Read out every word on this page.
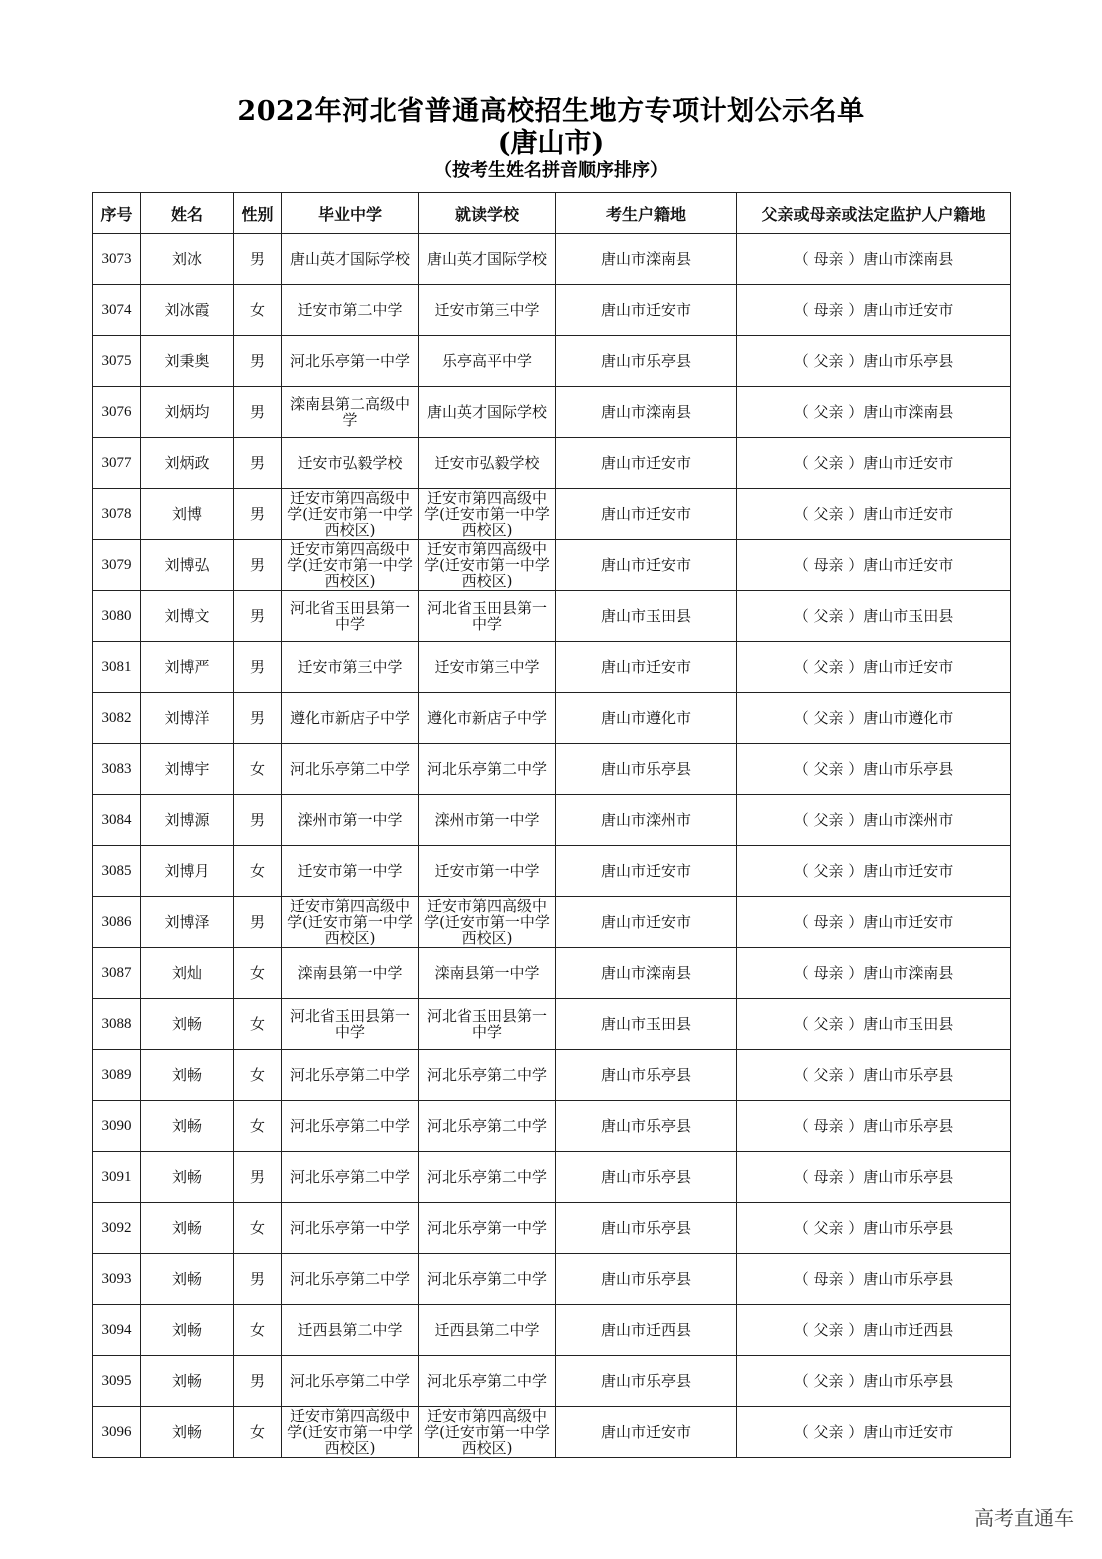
2022年河北省普通高校招生地方专项计划公示名单
(唐山市)
（按考生姓名拼音顺序排序）
序号	姓名	性别	毕业中学	就读学校	考生户籍地	父亲或母亲或法定监护人户籍地
3073	刘冰	男	唐山英才国际学校	唐山英才国际学校	唐山市滦南县	（ 母亲 ）唐山市滦南县
3074	刘冰霞	女	迁安市第二中学	迁安市第三中学	唐山市迁安市	（ 母亲 ）唐山市迁安市
3075	刘秉奥	男	河北乐亭第一中学	乐亭高平中学	唐山市乐亭县	（ 父亲 ）唐山市乐亭县
3076	刘炳均	男	滦南县第二高级中学	唐山英才国际学校	唐山市滦南县	（ 父亲 ）唐山市滦南县
3077	刘炳政	男	迁安市弘毅学校	迁安市弘毅学校	唐山市迁安市	（ 父亲 ）唐山市迁安市
3078	刘博	男	迁安市第四高级中学(迁安市第一中学西校区)	迁安市第四高级中学(迁安市第一中学西校区)	唐山市迁安市	（ 父亲 ）唐山市迁安市
3079	刘博弘	男	迁安市第四高级中学(迁安市第一中学西校区)	迁安市第四高级中学(迁安市第一中学西校区)	唐山市迁安市	（ 母亲 ）唐山市迁安市
3080	刘博文	男	河北省玉田县第一中学	河北省玉田县第一中学	唐山市玉田县	（ 父亲 ）唐山市玉田县
3081	刘博严	男	迁安市第三中学	迁安市第三中学	唐山市迁安市	（ 父亲 ）唐山市迁安市
3082	刘博洋	男	遵化市新店子中学	遵化市新店子中学	唐山市遵化市	（ 父亲 ）唐山市遵化市
3083	刘博宇	女	河北乐亭第二中学	河北乐亭第二中学	唐山市乐亭县	（ 父亲 ）唐山市乐亭县
3084	刘博源	男	滦州市第一中学	滦州市第一中学	唐山市滦州市	（ 父亲 ）唐山市滦州市
3085	刘博月	女	迁安市第一中学	迁安市第一中学	唐山市迁安市	（ 父亲 ）唐山市迁安市
3086	刘博泽	男	迁安市第四高级中学(迁安市第一中学西校区)	迁安市第四高级中学(迁安市第一中学西校区)	唐山市迁安市	（ 母亲 ）唐山市迁安市
3087	刘灿	女	滦南县第一中学	滦南县第一中学	唐山市滦南县	（ 母亲 ）唐山市滦南县
3088	刘畅	女	河北省玉田县第一中学	河北省玉田县第一中学	唐山市玉田县	（ 父亲 ）唐山市玉田县
3089	刘畅	女	河北乐亭第二中学	河北乐亭第二中学	唐山市乐亭县	（ 父亲 ）唐山市乐亭县
3090	刘畅	女	河北乐亭第二中学	河北乐亭第二中学	唐山市乐亭县	（ 母亲 ）唐山市乐亭县
3091	刘畅	男	河北乐亭第二中学	河北乐亭第二中学	唐山市乐亭县	（ 母亲 ）唐山市乐亭县
3092	刘畅	女	河北乐亭第一中学	河北乐亭第一中学	唐山市乐亭县	（ 父亲 ）唐山市乐亭县
3093	刘畅	男	河北乐亭第二中学	河北乐亭第二中学	唐山市乐亭县	（ 母亲 ）唐山市乐亭县
3094	刘畅	女	迁西县第二中学	迁西县第二中学	唐山市迁西县	（ 父亲 ）唐山市迁西县
3095	刘畅	男	河北乐亭第二中学	河北乐亭第二中学	唐山市乐亭县	（ 父亲 ）唐山市乐亭县
3096	刘畅	女	迁安市第四高级中学(迁安市第一中学西校区)	迁安市第四高级中学(迁安市第一中学西校区)	唐山市迁安市	（ 父亲 ）唐山市迁安市
高考直通车
